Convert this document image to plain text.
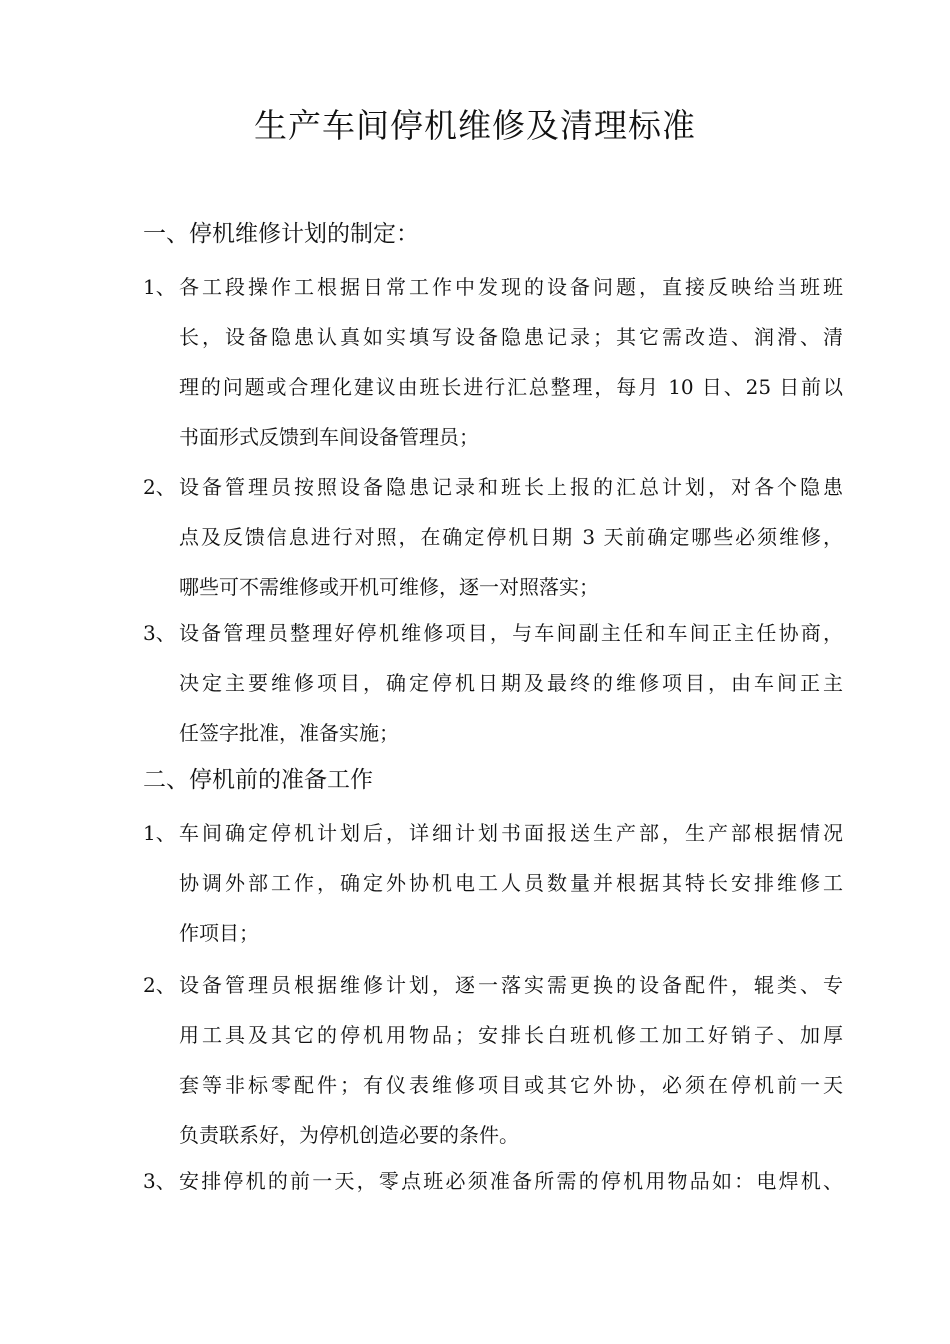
生产车间停机维修及清理标准
一、停机维修计划的制定：
1、 各工段操作工根据日常工作中发现的设备问题，直接反映给当班班
长，设备隐患认真如实填写设备隐患记录；其它需改造、润滑、清
理的问题或合理化建议由班长进行汇总整理，每月 10 日、25 日前以
书面形式反馈到车间设备管理员；
2、 设备管理员按照设备隐患记录和班长上报的汇总计划，对各个隐患
点及反馈信息进行对照，在确定停机日期 3 天前确定哪些必须维修，
哪些可不需维修或开机可维修，逐一对照落实；
3、 设备管理员整理好停机维修项目，与车间副主任和车间正主任协商，
决定主要维修项目，确定停机日期及最终的维修项目，由车间正主
任签字批准，准备实施；
二、停机前的准备工作
1、 车间确定停机计划后，详细计划书面报送生产部，生产部根据情况
协调外部工作，确定外协机电工人员数量并根据其特长安排维修工
作项目；
2、 设备管理员根据维修计划，逐一落实需更换的设备配件，辊类、专
用工具及其它的停机用物品；安排长白班机修工加工好销子、加厚
套等非标零配件；有仪表维修项目或其它外协，必须在停机前一天
负责联系好，为停机创造必要的条件。
3、 安排停机的前一天，零点班必须准备所需的停机用物品如：电焊机、
